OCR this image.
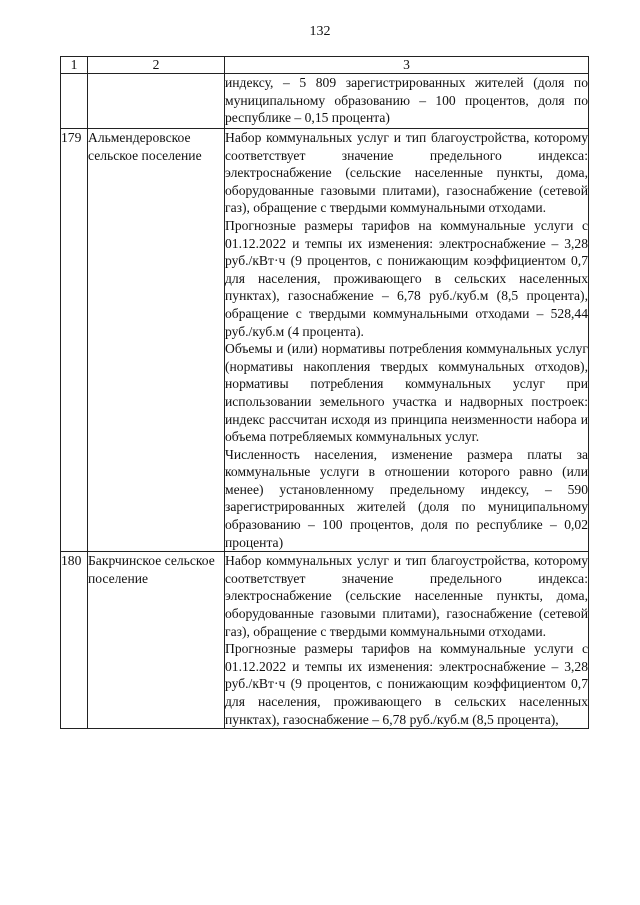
132
1	2	3

		индексу, – 5 809 зарегистрированных жителей (доля по муниципальному образованию – 100 процентов, доля по республике – 0,15 процента)

179	Альмендеровское сельское поселение	Набор коммунальных услуг и тип благоустройства, которому соответствует значение предельного индекса: электроснабжение (сельские населенные пункты, дома, оборудованные газовыми плитами), газоснабжение (сетевой газ), обращение с твердыми коммунальными отходами.
Прогнозные размеры тарифов на коммунальные услуги с 01.12.2022 и темпы их изменения: электроснабжение – 3,28 руб./кВт·ч (9 процентов, с понижающим коэффициентом 0,7 для населения, проживающего в сельских населенных пунктах), газоснабжение – 6,78 руб./куб.м (8,5 процента), обращение с твердыми коммунальными отходами – 528,44 руб./куб.м (4 процента).
Объемы и (или) нормативы потребления коммунальных услуг (нормативы накопления твердых коммунальных отходов), нормативы потребления коммунальных услуг при использовании земельного участка и надворных построек: индекс рассчитан исходя из принципа неизменности набора и объема потребляемых коммунальных услуг.
Численность населения, изменение размера платы за коммунальные услуги в отношении которого равно (или менее) установленному предельному индексу, – 590 зарегистрированных жителей (доля по муниципальному образованию – 100 процентов, доля по республике – 0,02 процента)

180	Бакрчинское сельское поселение	Набор коммунальных услуг и тип благоустройства, которому соответствует значение предельного индекса: электроснабжение (сельские населенные пункты, дома, оборудованные газовыми плитами), газоснабжение (сетевой газ), обращение с твердыми коммунальными отходами.
Прогнозные размеры тарифов на коммунальные услуги с 01.12.2022 и темпы их изменения: электроснабжение – 3,28 руб./кВт·ч (9 процентов, с понижающим коэффициентом 0,7 для населения, проживающего в сельских населенных пунктах), газоснабжение – 6,78 руб./куб.м (8,5 процента),
